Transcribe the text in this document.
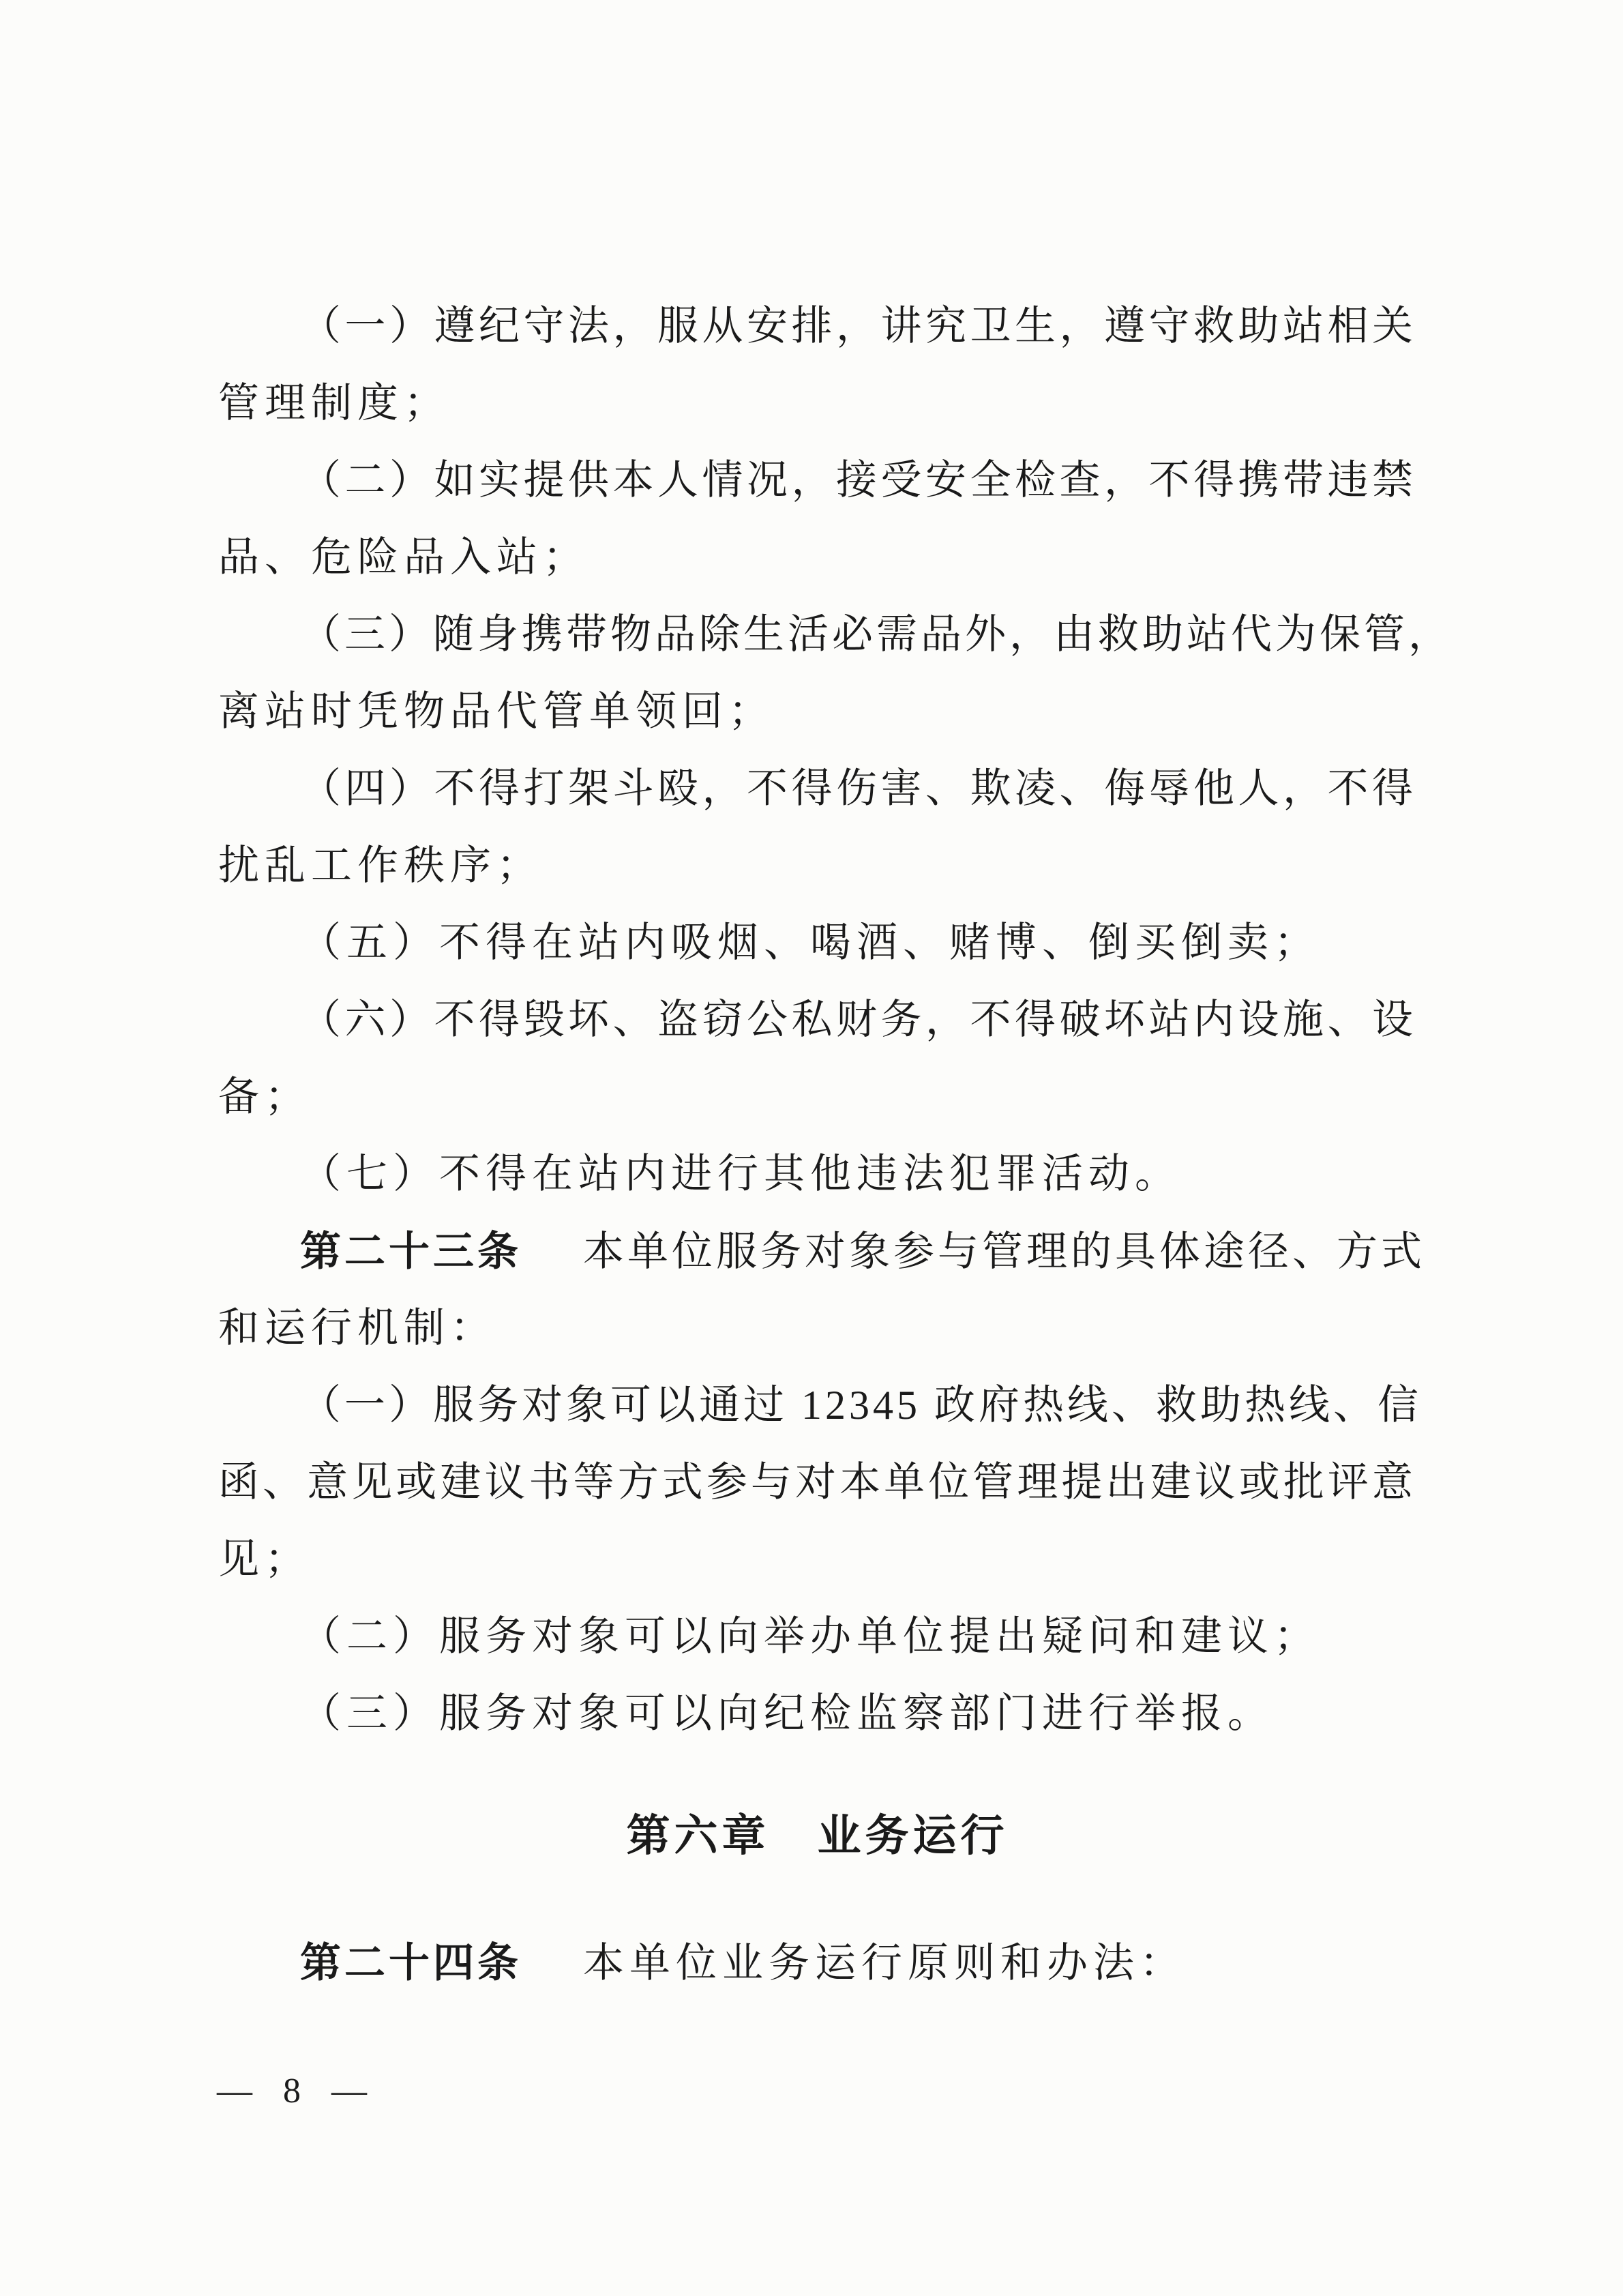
（一）遵纪守法，服从安排，讲究卫生，遵守救助站相关
管理制度；
（二）如实提供本人情况，接受安全检查，不得携带违禁
品、危险品入站；
（三）随身携带物品除生活必需品外，由救助站代为保管，
离站时凭物品代管单领回；
（四）不得打架斗殴，不得伤害、欺凌、侮辱他人，不得
扰乱工作秩序；
（五）不得在站内吸烟、喝酒、赌博、倒买倒卖；
（六）不得毁坏、盗窃公私财务，不得破坏站内设施、设
备；
（七）不得在站内进行其他违法犯罪活动。
第二十三条 本单位服务对象参与管理的具体途径、方式
和运行机制：
（一）服务对象可以通过 12345 政府热线、救助热线、信
函、意见或建议书等方式参与对本单位管理提出建议或批评意
见；
（二）服务对象可以向举办单位提出疑问和建议；
（三）服务对象可以向纪检监察部门进行举报。
第六章　业务运行
第二十四条 本单位业务运行原则和办法：
— 8 —
